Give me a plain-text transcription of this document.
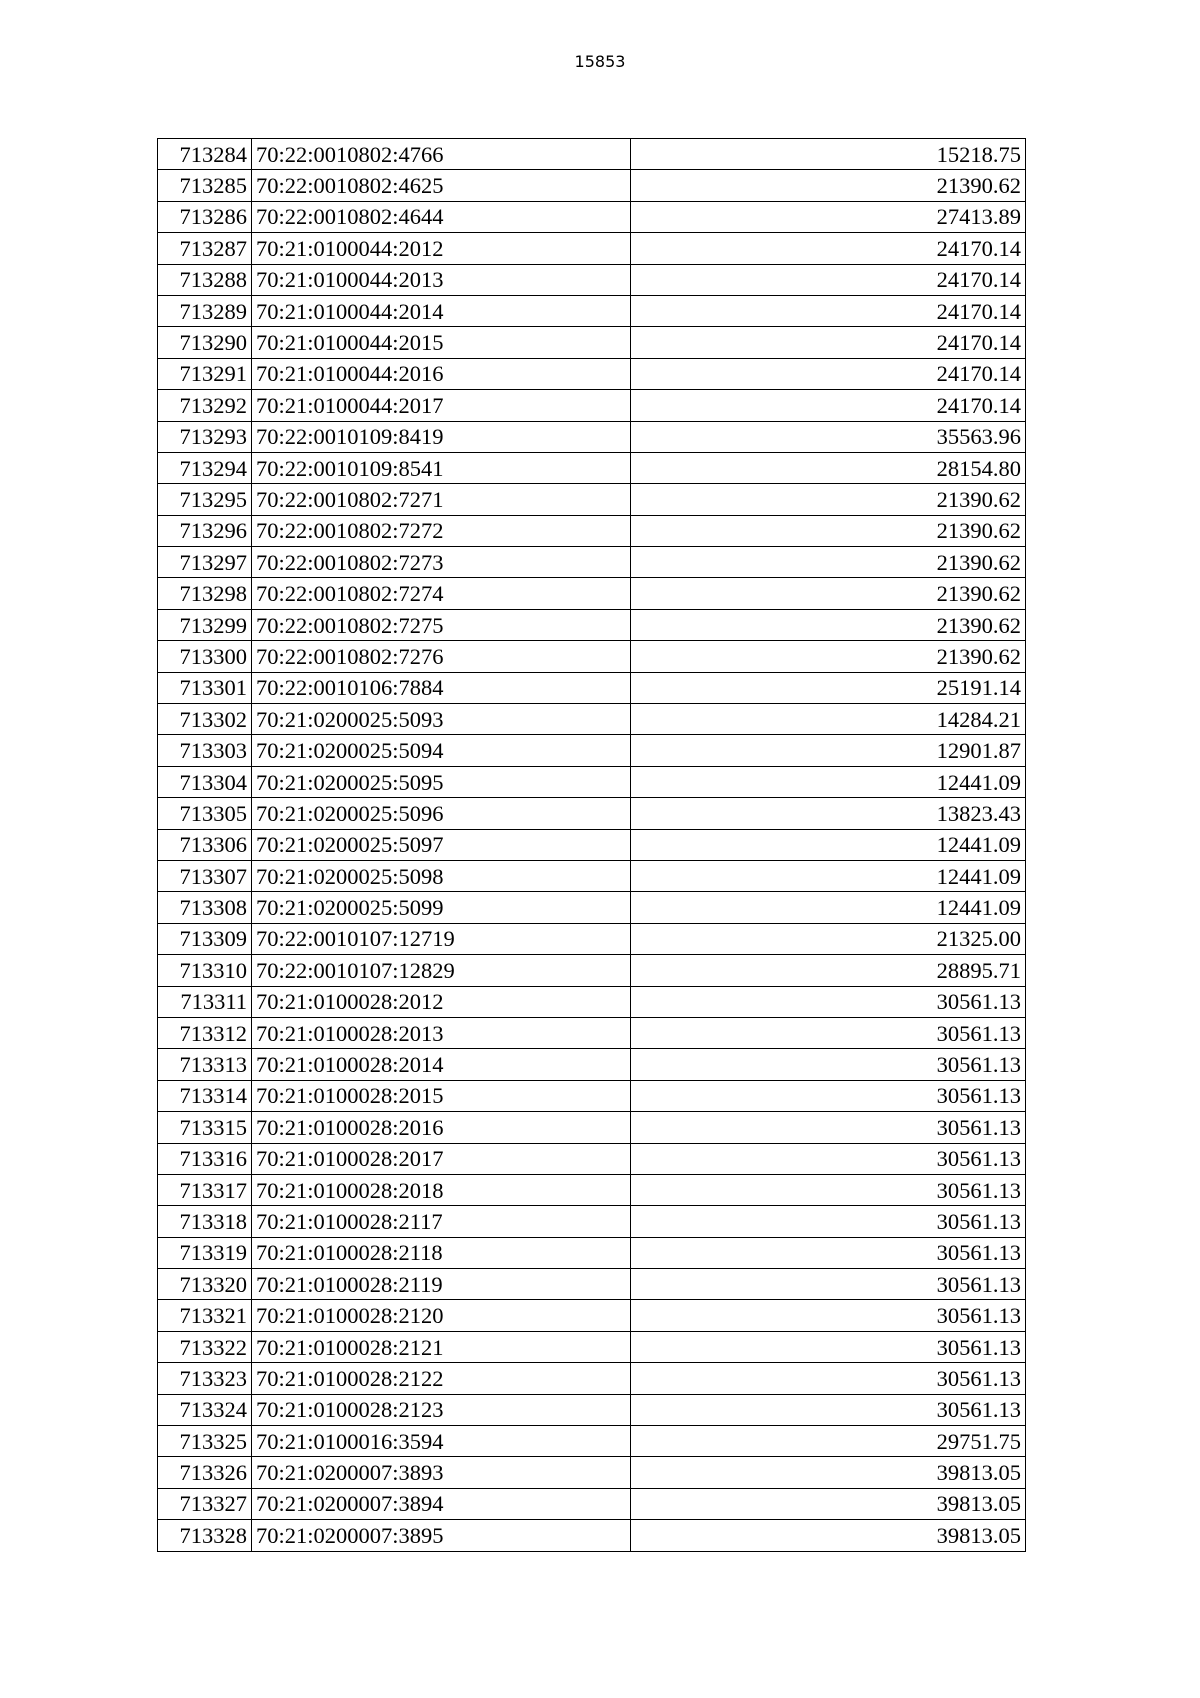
15853
713284	70:22:0010802:4766	15218.75
713285	70:22:0010802:4625	21390.62
713286	70:22:0010802:4644	27413.89
713287	70:21:0100044:2012	24170.14
713288	70:21:0100044:2013	24170.14
713289	70:21:0100044:2014	24170.14
713290	70:21:0100044:2015	24170.14
713291	70:21:0100044:2016	24170.14
713292	70:21:0100044:2017	24170.14
713293	70:22:0010109:8419	35563.96
713294	70:22:0010109:8541	28154.80
713295	70:22:0010802:7271	21390.62
713296	70:22:0010802:7272	21390.62
713297	70:22:0010802:7273	21390.62
713298	70:22:0010802:7274	21390.62
713299	70:22:0010802:7275	21390.62
713300	70:22:0010802:7276	21390.62
713301	70:22:0010106:7884	25191.14
713302	70:21:0200025:5093	14284.21
713303	70:21:0200025:5094	12901.87
713304	70:21:0200025:5095	12441.09
713305	70:21:0200025:5096	13823.43
713306	70:21:0200025:5097	12441.09
713307	70:21:0200025:5098	12441.09
713308	70:21:0200025:5099	12441.09
713309	70:22:0010107:12719	21325.00
713310	70:22:0010107:12829	28895.71
713311	70:21:0100028:2012	30561.13
713312	70:21:0100028:2013	30561.13
713313	70:21:0100028:2014	30561.13
713314	70:21:0100028:2015	30561.13
713315	70:21:0100028:2016	30561.13
713316	70:21:0100028:2017	30561.13
713317	70:21:0100028:2018	30561.13
713318	70:21:0100028:2117	30561.13
713319	70:21:0100028:2118	30561.13
713320	70:21:0100028:2119	30561.13
713321	70:21:0100028:2120	30561.13
713322	70:21:0100028:2121	30561.13
713323	70:21:0100028:2122	30561.13
713324	70:21:0100028:2123	30561.13
713325	70:21:0100016:3594	29751.75
713326	70:21:0200007:3893	39813.05
713327	70:21:0200007:3894	39813.05
713328	70:21:0200007:3895	39813.05
